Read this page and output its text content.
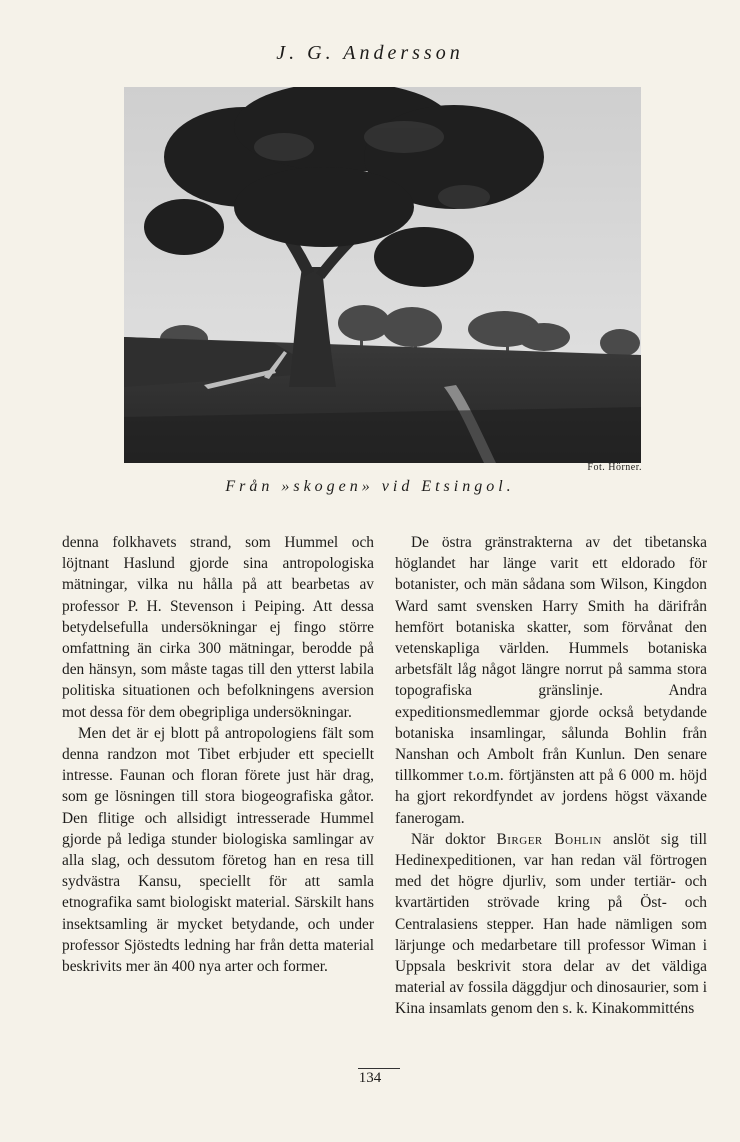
J. G. Andersson
Fot. Hörner.
Från »skogen» vid Etsingol.

denna folkhavets strand, som Hummel och löjtnant Haslund gjorde sina antropologiska mätningar, vilka nu hålla på att bearbetas av professor P. H. Stevenson i Peiping. Att dessa betydelsefulla undersökningar ej fingo större omfattning än cirka 300 mätningar, berodde på den hänsyn, som måste tagas till den ytterst labila politiska situationen och befolkningens aversion mot dessa för dem obegripliga undersökningar.

Men det är ej blott på antropologiens fält som denna randzon mot Tibet erbjuder ett speciellt intresse. Faunan och floran förete just här drag, som ge lösningen till stora biogeografiska gåtor. Den flitige och allsidigt intresserade Hummel gjorde på lediga stunder biologiska samlingar av alla slag, och dessutom företog han en resa till sydvästra Kansu, speciellt för att samla etnografika samt biologiskt material. Särskilt hans insektsamling är mycket betydande, och under professor Sjöstedts ledning har från detta material beskrivits mer än 400 nya arter och former.

De östra gränstrakterna av det tibetanska höglandet har länge varit ett eldorado för botanister, och män sådana som Wilson, Kingdon Ward samt svensken Harry Smith ha därifrån hemfört botaniska skatter, som förvånat den vetenskapliga världen. Hummels botaniska arbetsfält låg något längre norrut på samma stora topografiska gränslinje. Andra expeditionsmedlemmar gjorde också betydande botaniska insamlingar, sålunda Bohlin från Nanshan och Ambolt från Kunlun. Den senare tillkommer t.o.m. förtjänsten att på 6 000 m. höjd ha gjort rekordfyndet av jordens högst växande fanerogam.

När doktor Birger Bohlin anslöt sig till Hedinexpeditionen, var han redan väl förtrogen med det högre djurliv, som under tertiär- och kvartärtiden strövade kring på Öst- och Centralasiens stepper. Han hade nämligen som lärjunge och medarbetare till professor Wiman i Uppsala beskrivit stora delar av det väldiga material av fossila däggdjur och dinosaurier, som i Kina insamlats genom den s. k. Kinakommitténs

134
